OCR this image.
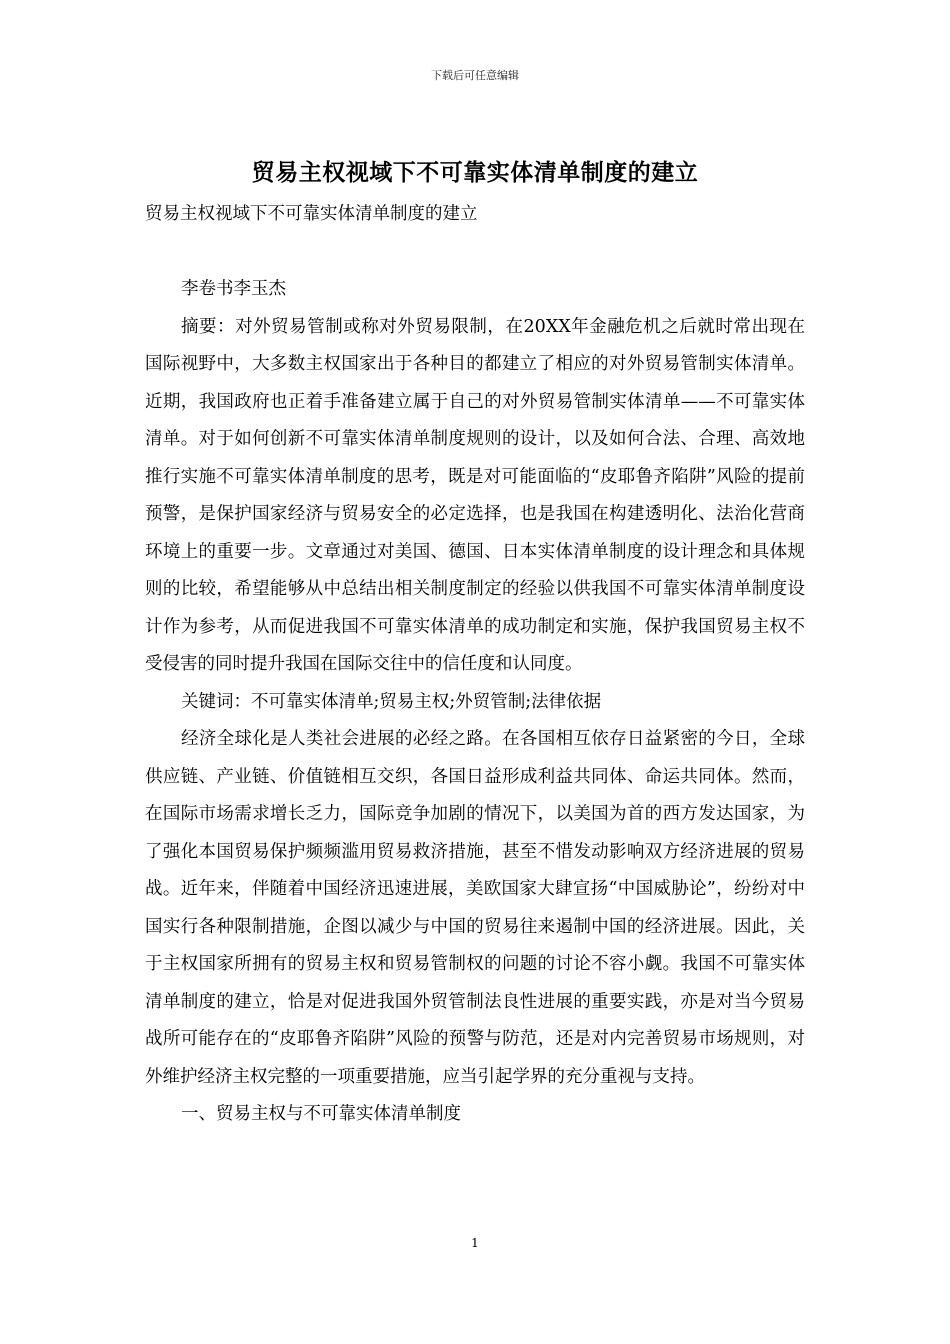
下载后可任意编辑
贸易主权视域下不可靠实体清单制度的建立

贸易主权视域下不可靠实体清单制度的建立

李卷书李玉杰

摘要：对外贸易管制或称对外贸易限制，在20XX年金融危机之后就时常出现在国际视野中，大多数主权国家出于各种目的都建立了相应的对外贸易管制实体清单。近期，我国政府也正着手准备建立属于自己的对外贸易管制实体清单——不可靠实体清单。对于如何创新不可靠实体清单制度规则的设计，以及如何合法、合理、高效地推行实施不可靠实体清单制度的思考，既是对可能面临的“皮耶鲁齐陷阱”风险的提前预警，是保护国家经济与贸易安全的必定选择，也是我国在构建透明化、法治化营商环境上的重要一步。文章通过对美国、德国、日本实体清单制度的设计理念和具体规则的比较，希望能够从中总结出相关制度制定的经验以供我国不可靠实体清单制度设计作为参考，从而促进我国不可靠实体清单的成功制定和实施，保护我国贸易主权不受侵害的同时提升我国在国际交往中的信任度和认同度。

关键词：不可靠实体清单;贸易主权;外贸管制;法律依据

经济全球化是人类社会进展的必经之路。在各国相互依存日益紧密的今日，全球供应链、产业链、价值链相互交织，各国日益形成利益共同体、命运共同体。然而，在国际市场需求增长乏力，国际竞争加剧的情况下，以美国为首的西方发达国家，为了强化本国贸易保护频频滥用贸易救济措施，甚至不惜发动影响双方经济进展的贸易战。近年来，伴随着中国经济迅速进展，美欧国家大肆宣扬“中国威胁论”，纷纷对中国实行各种限制措施，企图以减少与中国的贸易往来遏制中国的经济进展。因此，关于主权国家所拥有的贸易主权和贸易管制权的问题的讨论不容小觑。我国不可靠实体清单制度的建立，恰是对促进我国外贸管制法良性进展的重要实践，亦是对当今贸易战所可能存在的“皮耶鲁齐陷阱”风险的预警与防范，还是对内完善贸易市场规则，对外维护经济主权完整的一项重要措施，应当引起学界的充分重视与支持。

一、贸易主权与不可靠实体清单制度

1
